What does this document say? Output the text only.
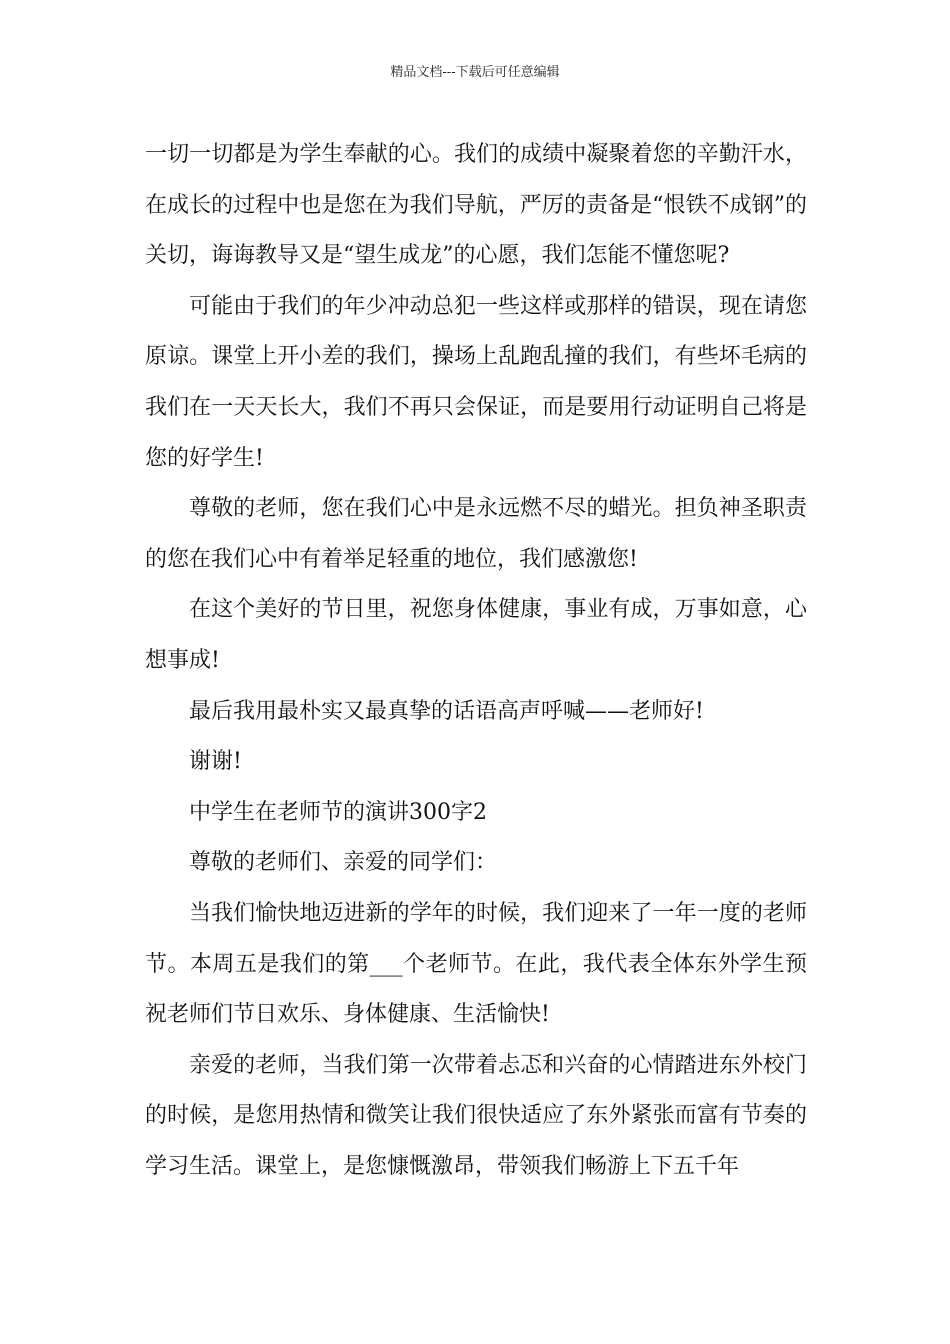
精品文档---下载后可任意编辑

一切一切都是为学生奉献的心。我们的成绩中凝聚着您的辛勤汗水，在成长的过程中也是您在为我们导航，严厉的责备是“恨铁不成钢”的关切，诲诲教导又是“望生成龙”的心愿，我们怎能不懂您呢?

可能由于我们的年少冲动总犯一些这样或那样的错误，现在请您原谅。课堂上开小差的我们，操场上乱跑乱撞的我们，有些坏毛病的我们在一天天长大，我们不再只会保证，而是要用行动证明自己将是您的好学生!

尊敬的老师，您在我们心中是永远燃不尽的蜡光。担负神圣职责的您在我们心中有着举足轻重的地位，我们感激您!

在这个美好的节日里，祝您身体健康，事业有成，万事如意，心想事成!

最后我用最朴实又最真挚的话语高声呼喊——老师好!

谢谢!

中学生在老师节的演讲300字2

尊敬的老师们、亲爱的同学们：

当我们愉快地迈进新的学年的时候，我们迎来了一年一度的老师节。本周五是我们的第___个老师节。在此，我代表全体东外学生预祝老师们节日欢乐、身体健康、生活愉快!

亲爱的老师，当我们第一次带着忐忑和兴奋的心情踏进东外校门的时候，是您用热情和微笑让我们很快适应了东外紧张而富有节奏的学习生活。课堂上，是您慷慨激昂，带领我们畅游上下五千年
